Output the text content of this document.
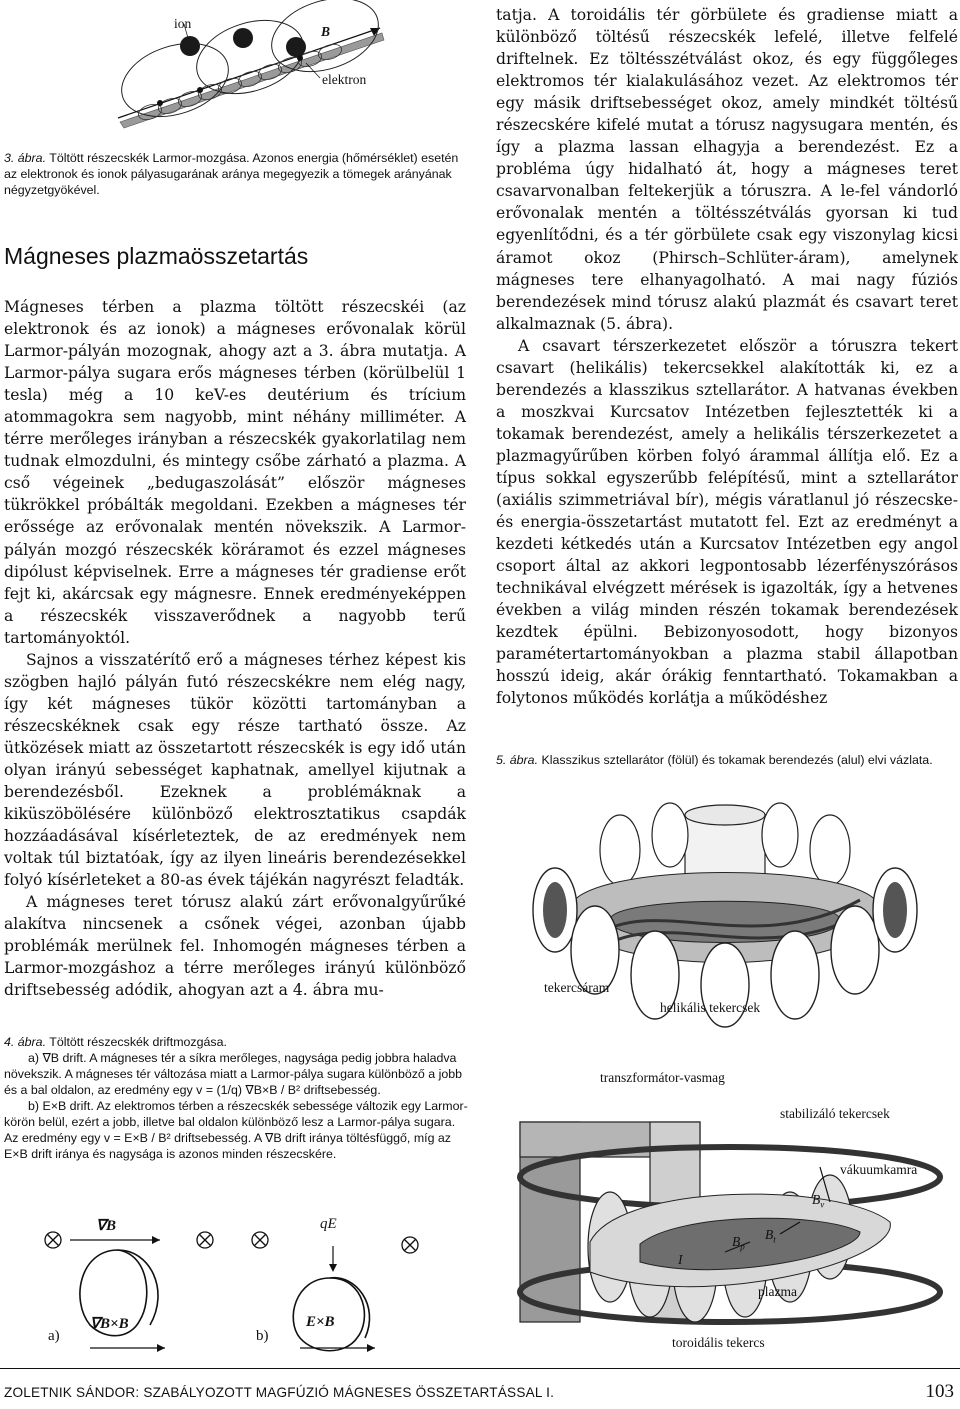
ion
B
elektron
3. ábra. Töltött részecskék Larmor-mozgása. Azonos energia (hőmérséklet) esetén az elektronok és ionok pályasugarának aránya megegyezik a tömegek arányának négyzetgyökével.
Mágneses plazmaösszetartás

Mágneses térben a plazma töltött részecskéi (az elektronok és az ionok) a mágneses erővonalak körül Larmor-pályán mozognak, ahogy azt a 3. ábra mutatja. A Larmor-pálya sugara erős mágneses térben (körülbelül 1 tesla) még a 10 keV-es deutérium és trícium atommagokra sem nagyobb, mint néhány milliméter. A térre merőleges irányban a részecskék gyakorlatilag nem tudnak elmozdulni, és mintegy csőbe zárható a plazma. A cső végeinek „bedugaszolását” először mágneses tükrökkel próbálták megoldani. Ezekben a mágneses tér erőssége az erővonalak mentén növekszik. A Larmor-pályán mozgó részecskék köráramot és ezzel mágneses dipólust képviselnek. Erre a mágneses tér gradiense erőt fejt ki, akárcsak egy mágnesre. Ennek eredményeképpen a részecskék visszaverődnek a nagyobb terű tartományoktól.

Sajnos a visszatérítő erő a mágneses térhez képest kis szögben hajló pályán futó részecskékre nem elég nagy, így két mágneses tükör közötti tartományban a részecskéknek csak egy része tartható össze. Az ütközések miatt az összetartott részecskék is egy idő után olyan irányú sebességet kaphatnak, amellyel kijutnak a berendezésből. Ezeknek a problémáknak a kiküszöbölésére különböző elektrosztatikus csapdák hozzáadásával kísérleteztek, de az eredmények nem voltak túl biztatóak, így az ilyen lineáris berendezésekkel folyó kísérleteket a 80-as évek tájékán nagyrészt feladták.

A mágneses teret tórusz alakú zárt erővonalgyűrűké alakítva nincsenek a csőnek végei, azonban újabb problémák merülnek fel. Inhomogén mágneses térben a Larmor-mozgáshoz a térre merőleges irányú különböző driftsebesség adódik, ahogyan azt a 4. ábra mu-

tatja. A toroidális tér görbülete és gradiense miatt a különböző töltésű részecskék lefelé, illetve felfelé driftelnek. Ez töltésszétválást okoz, és egy függőleges elektromos tér kialakulásához vezet. Az elektromos tér egy másik driftsebességet okoz, amely mindkét töltésű részecskére kifelé mutat a tórusz nagysugara mentén, és így a plazma lassan elhagyja a berendezést. Ez a probléma úgy hidalható át, hogy a mágneses teret csavarvonalban feltekerjük a tóruszra. A le-fel vándorló erővonalak mentén a töltésszétválás gyorsan ki tud egyenlítődni, és a tér görbülete csak egy viszonylag kicsi áramot okoz (Phirsch–Schlüter-áram), amelynek mágneses tere elhanyagolható. A mai nagy fúziós berendezések mind tórusz alakú plazmát és csavart teret alkalmaznak (5. ábra).

A csavart térszerkezetet először a tóruszra tekert csavart (helikális) tekercsekkel alakították ki, ez a berendezés a klasszikus sztellarátor. A hatvanas években a moszkvai Kurcsatov Intézetben fejlesztették ki a tokamak berendezést, amely a helikális térszerkezetet a plazmagyűrűben körben folyó árammal állítja elő. Ez a típus sokkal egyszerűbb felépítésű, mint a sztellarátor (axiális szimmetriával bír), mégis váratlanul jó részecske- és energia-összetartást mutatott fel. Ezt az eredményt a kezdeti kétkedés után a Kurcsatov Intézetben egy angol csoport által az akkori legpontosabb lézerfényszórásos technikával elvégzett mérések is igazolták, így a hetvenes években a világ minden részén tokamak berendezések kezdtek épülni. Bebizonyosodott, hogy bizonyos paramétertartományokban a plazma stabil állapotban hosszú ideig, akár órákig fenntartható. Tokamakban a folytonos működés korlátja a működéshez

5. ábra. Klasszikus sztellarátor (fölül) és tokamak berendezés (alul) elvi vázlata.
tekercsáram
helikális tekercsek
transzformátor-vasmag
stabilizáló tekercsek
vákuumkamra
$B_v$
$B_t$
$B_p$
I
plazma
toroidális tekercs
4. ábra. Töltött részecskék driftmozgása.
a) ∇B drift. A mágneses tér a síkra merőleges, nagysága pedig jobbra haladva növekszik. A mágneses tér változása miatt a Larmor-pálya sugara különböző a jobb és a bal oldalon, az eredmény egy v = (1/q) ∇B×B / B² driftsebesség.
b) E×B drift. Az elektromos térben a részecskék sebessége változik egy Larmor-körön belül, ezért a jobb, illetve bal oldalon különböző lesz a Larmor-pálya sugara. Az eredmény egy v = E×B / B² driftsebesség. A ∇B drift iránya töltésfüggő, míg az E×B drift iránya és nagysága is azonos minden részecskére.
∇B
∇B×B
a)
qE
E×B
b)
ZOLETNIK SÁNDOR: SZABÁLYOZOTT MAGFÚZIÓ MÁGNESES ÖSSZETARTÁSSAL I.	103
